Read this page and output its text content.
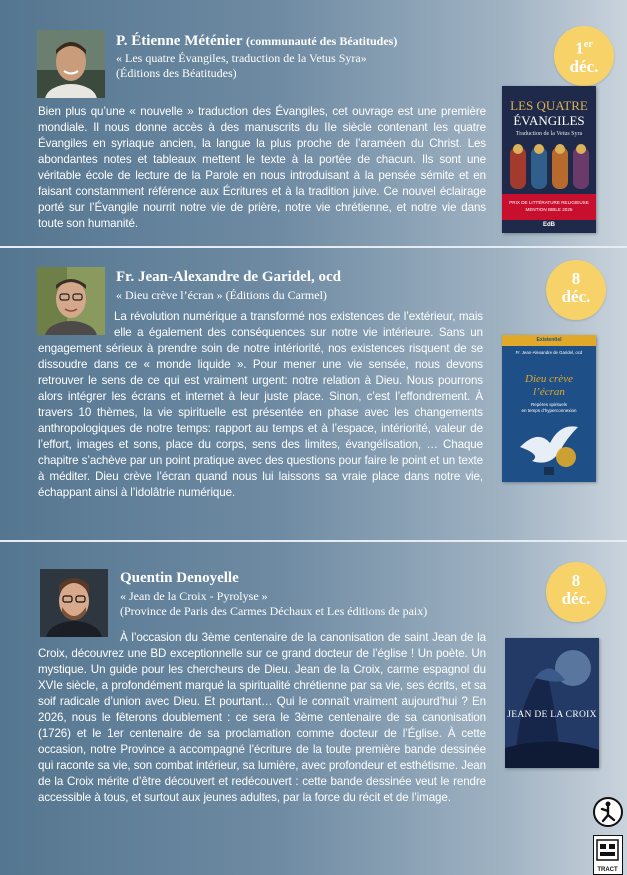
P. Étienne Méténier (communauté des Béatitudes)
« Les quatre Évangiles, traduction de la Vetus Syra»
(Éditions des Béatitudes)
1er
déc.
Bien plus qu’une « nouvelle » traduction des Évangiles, cet ouvrage est une première mondiale. Il nous donne accès à des manuscrits du IIe siècle contenant les quatre Évangiles en syriaque ancien, la langue la plus proche de l’araméen du Christ. Les abondantes notes et tableaux mettent le texte à la portée de chacun. Ils sont une véritable école de lecture de la Parole en nous introduisant à la pensée sémite et en faisant constamment référence aux Écritures et à la tradition juive. Ce nouvel éclairage porté sur l’Évangile nourrit notre vie de prière, notre vie chrétienne, et notre vie dans toute son humanité.
LES QUATRE
ÉVANGILES
Traduction de la Vetus Syra
PRIX DE LITTÉRATURE RELIGIEUSE
MENTION BIBLE 2025
EdB
Fr. Jean-Alexandre de Garidel, ocd
« Dieu crève l’écran » (Éditions du Carmel)
8
déc.
La révolution numérique a transformé nos existences de l’extérieur, mais elle a également des conséquences sur notre vie intérieure. Sans un engagement sérieux à prendre soin de notre intériorité, nos existences risquent de se dissoudre dans ce « monde liquide ». Pour mener une vie sensée, nous devons retrouver le sens de ce qui est vraiment urgent: notre relation à Dieu. Nous pourrons alors intégrer les écrans et internet à leur juste place. Sinon, c’est l’effondrement. À travers 10 thèmes, la vie spirituelle est présentée en phase avec les changements anthropologiques de notre temps: rapport au temps et à l’espace, intériorité, valeur de l’effort, images et sons, place du corps, sens des limites, évangélisation, … Chaque chapitre s’achève par un point pratique avec des questions pour faire le point et un texte à méditer. Dieu crève l’écran quand nous lui laissons sa vraie place dans notre vie, échappant ainsi à l’idolâtrie numérique.
Existentiel
Fr. Jean-Alexandre de Garidel, ocd
Dieu crève
l’écran
Repères spirituels
en temps d’hyperconnexion
Quentin Denoyelle
« Jean de la Croix - Pyrolyse »
(Province de Paris des Carmes Déchaux et Les éditions de paix)
8
déc.
À l’occasion du 3ème centenaire de la canonisation de saint Jean de la Croix, découvrez une BD exceptionnelle sur ce grand docteur de l’église ! Un poète. Un mystique. Un guide pour les chercheurs de Dieu. Jean de la Croix, carme espagnol du XVIe siècle, a profondément marqué la spiritualité chrétienne par sa vie, ses écrits, et sa soif radicale d’union avec Dieu. Et pourtant… Qui le connaît vraiment aujourd’hui ? En 2026, nous le fêterons doublement : ce sera le 3ème centenaire de sa canonisation (1726) et le 1er centenaire de sa proclamation comme docteur de l’Église. À cette occasion, notre Province a accompagné l’écriture de la toute première bande dessinée qui raconte sa vie, son combat intérieur, sa lumière, avec profondeur et esthétisme. Jean de la Croix mérite d’être découvert et redécouvert : cette bande dessinée veut le rendre accessible à tous, et surtout aux jeunes adultes, par la force du récit et de l’image.
JEAN DE LA CROIX
TRACT
